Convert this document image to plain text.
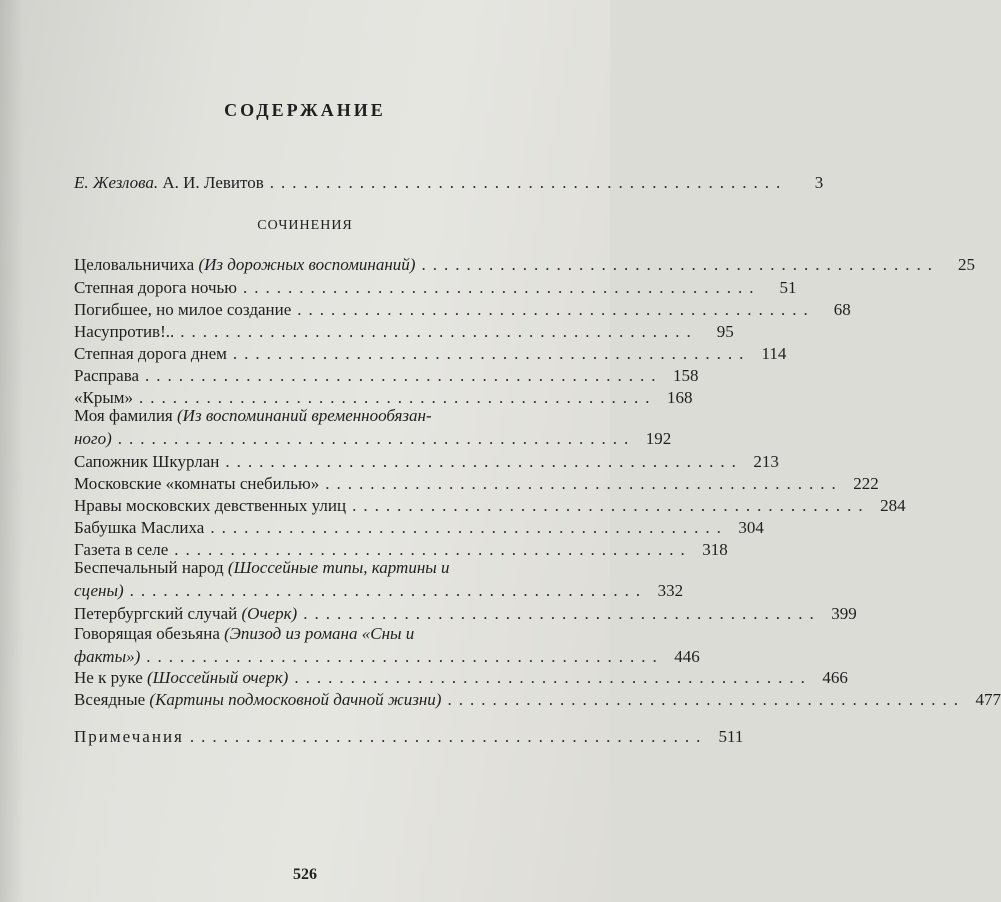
СОДЕРЖАНИЕ
Е. Жезлова. А. И. Левитов ..............................................	3
СОЧИНЕНИЯ
Целовальничиха (Из дорожных воспоминаний) ..............................................	25
Степная дорога ночью ..............................................	51
Погибшее, но милое создание ..............................................	68
Насупротив!.. ..............................................	95
Степная дорога днем .............................................. 114
Расправа .............................................. 158
«Крым» .............................................. 168
Моя фамилия (Из воспоминаний временнообязан-
ного) .............................................. 192
Сапожник Шкурлан .............................................. 213
Московские «комнаты снебилью» .............................................. 222
Нравы московских девственных улиц .............................................. 284
Бабушка Маслиха .............................................. 304
Газета в селе .............................................. 318
Беспечальный народ (Шоссейные типы, картины и
сцены) .............................................. 332
Петербургский случай (Очерк) .............................................. 399
Говорящая обезьяна (Эпизод из романа «Сны и
факты») .............................................. 446
Не к руке (Шоссейный очерк) .............................................. 466
Всеядные (Картины подмосковной дачной жизни) .............................................. 477
Примечания .............................................. 511
526
